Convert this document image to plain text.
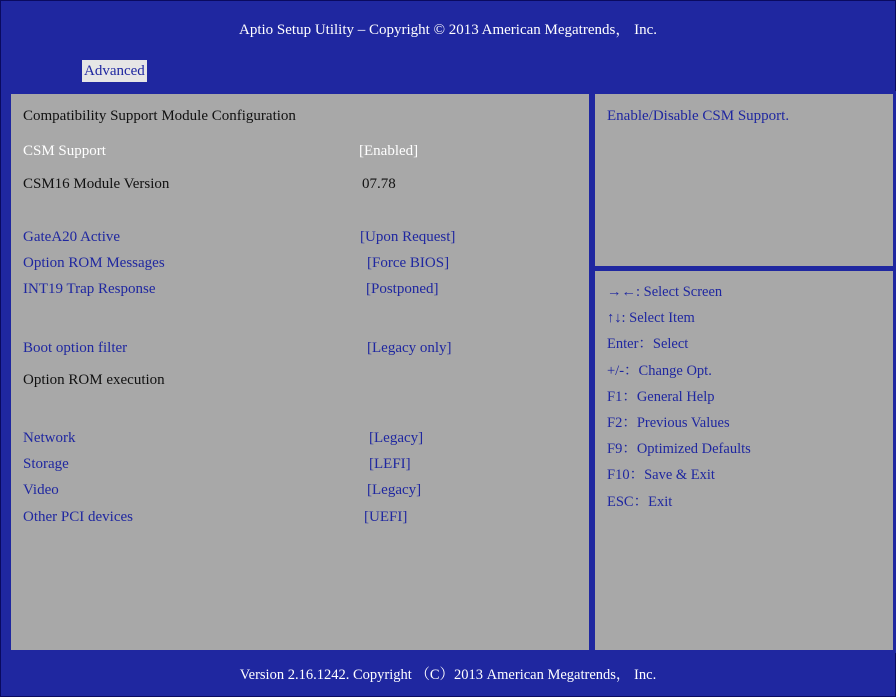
Aptio Setup Utility – Copyright © 2013 American Megatrends， Inc.
Advanced
Compatibility Support Module Configuration
CSM Support	[Enabled]
CSM16 Module Version	07.78
GateA20 Active	[Upon Request]
Option ROM Messages	[Force BIOS]
INT19 Trap Response	[Postponed]
Boot option filter	[Legacy only]
Option ROM execution
Network	[Legacy]
Storage	[LEFI]
Video	[Legacy]
Other PCI devices	[UEFI]
Enable/Disable CSM Support.
→←: Select Screen
↑↓: Select Item
Enter：Select
+/-：Change Opt.
F1：General Help
F2：Previous Values
F9：Optimized Defaults
F10：Save & Exit
ESC：Exit
Version 2.16.1242. Copyright （C）2013 American Megatrends， Inc.
